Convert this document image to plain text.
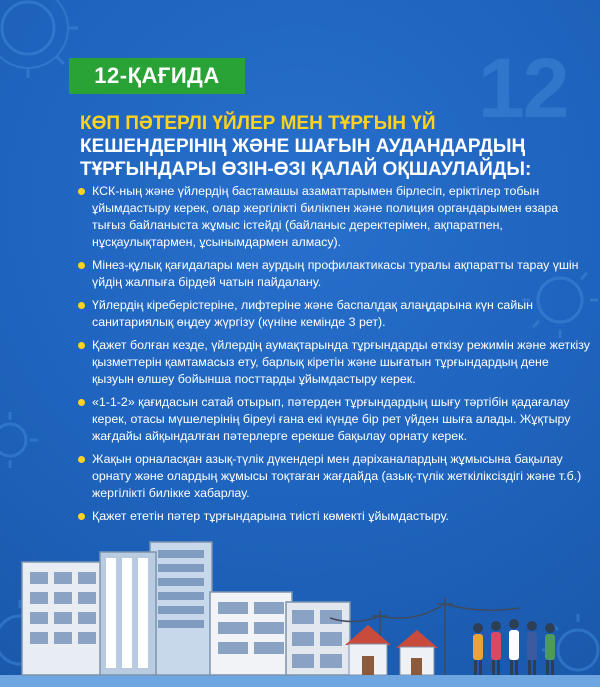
12
12-ҚАҒИДА
КӨП ПӘТЕРЛІ ҮЙЛЕР МЕН ТҰРҒЫН ҮЙ
КЕШЕНДЕРІНІҢ ЖӘНЕ ШАҒЫН АУДАНДАРДЫҢ
ТҰРҒЫНДАРЫ ӨЗІН-ӨЗІ ҚАЛАЙ ОҚШАУЛАЙДЫ:
КСК-ның және үйлердің бастамашы азаматтарымен бірлесіп, еріктілер тобын ұйымдастыру керек, олар жергілікті билікпен және полиция органдарымен өзара тығыз байланыста жұмыс істейді (байланыс деректерімен, ақпаратпен, нұсқаулықтармен, ұсынымдармен алмасу).
Мінез-құлық қағидалары мен аурдың профилактикасы туралы ақпаратты тарау үшін үйдің жалпыға бірдей чатын пайдалану.
Үйлердің кіреберістеріне, лифтеріне және баспалдақ алаңдарына күн сайын санитариялық өңдеу жүргізу (күніне кемінде 3 рет).
Қажет болған кезде, үйлердің аумақтарында тұрғындарды өткізу режимін және жеткізу қызметтерін қамтамасыз ету, барлық кіретін және шығатын тұрғындардың дене қызуын өлшеу бойынша посттарды ұйымдастыру керек.
«1-1-2» қағидасын сатай отырып, пәтерден тұрғындардың шығу тәртібін қадағалау керек, отасы мүшелерінің біреуі ғана екі күнде бір рет үйден шыға алады. Жұқтыру жағдайы айқындалған пәтерлерге ерекше бақылау орнату керек.
Жақын орналасқан азық-түлік дүкендері мен дәріханалардың жұмысына бақылау орнату және олардың жұмысы тоқтаған жағдайда (азық-түлік жеткіліксіздігі және т.б.) жергілікті билікке хабарлау.
Қажет ететін пәтер тұрғындарына тиісті көмекті ұйымдастыру.
